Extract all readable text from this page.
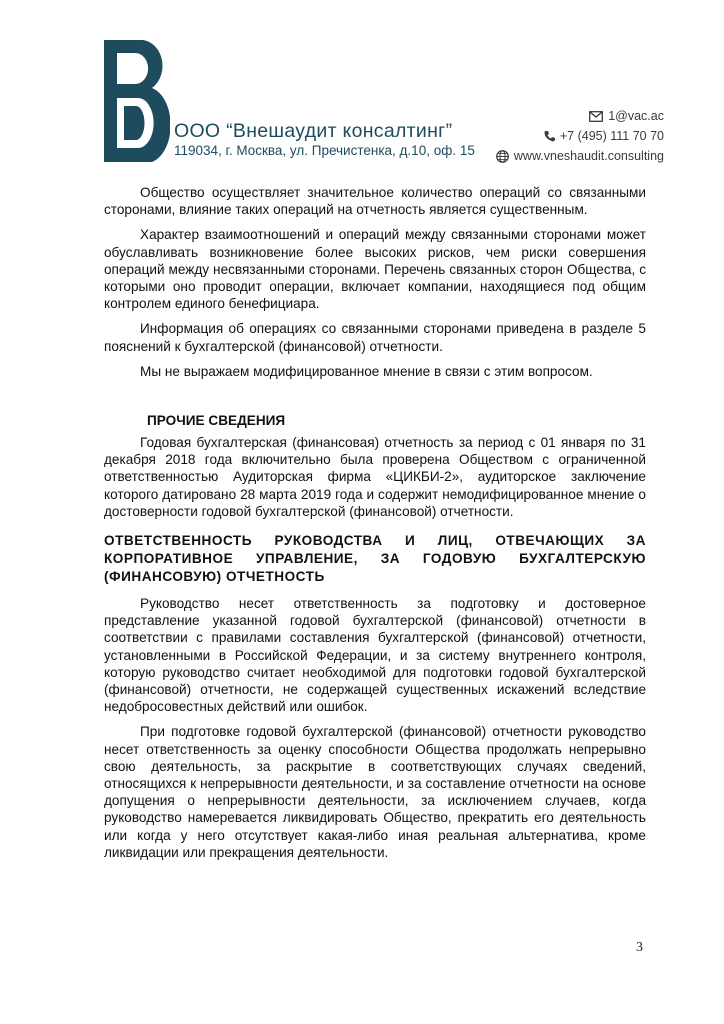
ООО “Внешаудит консалтинг”
119034, г. Москва, ул. Пречистенка, д.10, оф. 15
1@vac.ac
+7 (495) 111 70 70
www.vneshaudit.consulting

Общество осуществляет значительное количество операций со связанными сторонами, влияние таких операций на отчетность является существенным.

Характер взаимоотношений и операций между связанными сторонами может обуславливать возникновение более высоких рисков, чем риски совершения операций между несвязанными сторонами. Перечень связанных сторон Общества, с которыми оно проводит операции, включает компании, находящиеся под общим контролем единого бенефициара.

Информация об операциях со связанными сторонами приведена в разделе 5 пояснений к бухгалтерской (финансовой) отчетности.

Мы не выражаем модифицированное мнение в связи с этим вопросом.

ПРОЧИЕ СВЕДЕНИЯ

Годовая бухгалтерская (финансовая) отчетность за период с 01 января по 31 декабря 2018 года включительно была проверена Обществом с ограниченной ответственностью Аудиторская фирма «ЦИКБИ-2», аудиторское заключение которого датировано 28 марта 2019 года и содержит немодифицированное мнение о достоверности годовой бухгалтерской (финансовой) отчетности.

ОТВЕТСТВЕННОСТЬ РУКОВОДСТВА И ЛИЦ, ОТВЕЧАЮЩИХ ЗА КОРПОРАТИВНОЕ УПРАВЛЕНИЕ, ЗА ГОДОВУЮ БУХГАЛТЕРСКУЮ (ФИНАНСОВУЮ) ОТЧЕТНОСТЬ

Руководство несет ответственность за подготовку и достоверное представление указанной годовой бухгалтерской (финансовой) отчетности в соответствии с правилами составления бухгалтерской (финансовой) отчетности, установленными в Российской Федерации, и за систему внутреннего контроля, которую руководство считает необходимой для подготовки годовой бухгалтерской (финансовой) отчетности, не содержащей существенных искажений вследствие недобросовестных действий или ошибок.

При подготовке годовой бухгалтерской (финансовой) отчетности руководство несет ответственность за оценку способности Общества продолжать непрерывно свою деятельность, за раскрытие в соответствующих случаях сведений, относящихся к непрерывности деятельности, и за составление отчетности на основе допущения о непрерывности деятельности, за исключением случаев, когда руководство намеревается ликвидировать Общество, прекратить его деятельность или когда у него отсутствует какая-либо иная реальная альтернатива, кроме ликвидации или прекращения деятельности.

3
